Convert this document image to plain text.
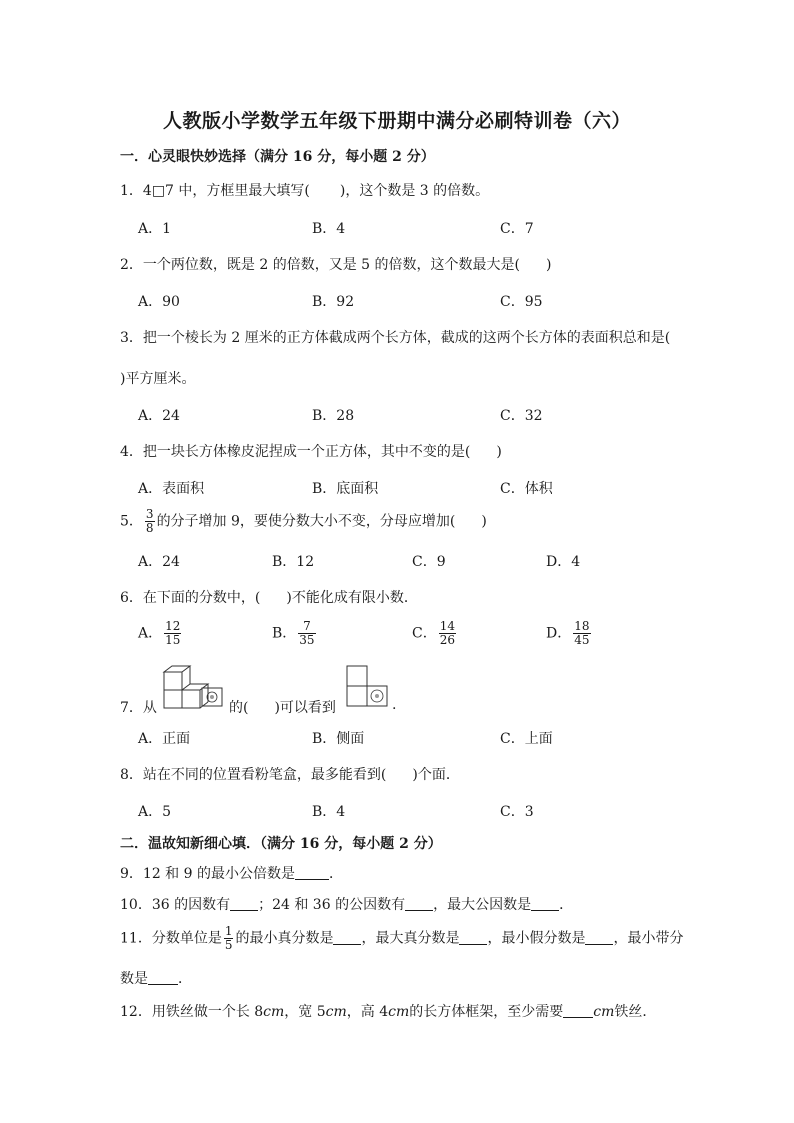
人教版小学数学五年级下册期中满分必刷特训卷（六）
一．心灵眼快妙选择（满分 16 分，每小题 2 分）
1．4□7 中，方框里最大填写( )，这个数是 3 的倍数。
A．1	B．4	C．7
2．一个两位数，既是 2 的倍数，又是 5 的倍数，这个数最大是( )
A．90	B．92	C．95
3．把一个棱长为 2 厘米的正方体截成两个长方体，截成的这两个长方体的表面积总和是(
)平方厘米。
A．24	B．28	C．32
4．把一块长方体橡皮泥捏成一个正方体，其中不变的是( )
A．表面积	B．底面积	C．体积
5． $\frac{3}{8}$ 的分子增加 9，要使分数大小不变，分母应增加( )
A．24	B．12	C．9	D．4
6．在下面的分数中，( )不能化成有限小数．
A． $\frac{12}{15}$	B． $\frac{7}{35}$	C． $\frac{14}{26}$	D． $\frac{18}{45}$
7．从	的( )可以看到	.
A．正面	B．侧面	C．上面
8．站在不同的位置看粉笔盒，最多能看到( )个面．
A．5	B．4	C．3
二．温故知新细心填．（满分 16 分，每小题 2 分）
9．12 和 9 的最小公倍数是 ．
10．36 的因数有 ；24 和 36 的公因数有 ，最大公因数是 ．
11．分数单位是 $\frac{1}{5}$ 的最小真分数是 ，最大真分数是 ，最小假分数是 ，最小带分
数是 ．
12．用铁丝做一个长 8cm，宽 5cm，高 4cm的长方体框架，至少需要 cm铁丝．
